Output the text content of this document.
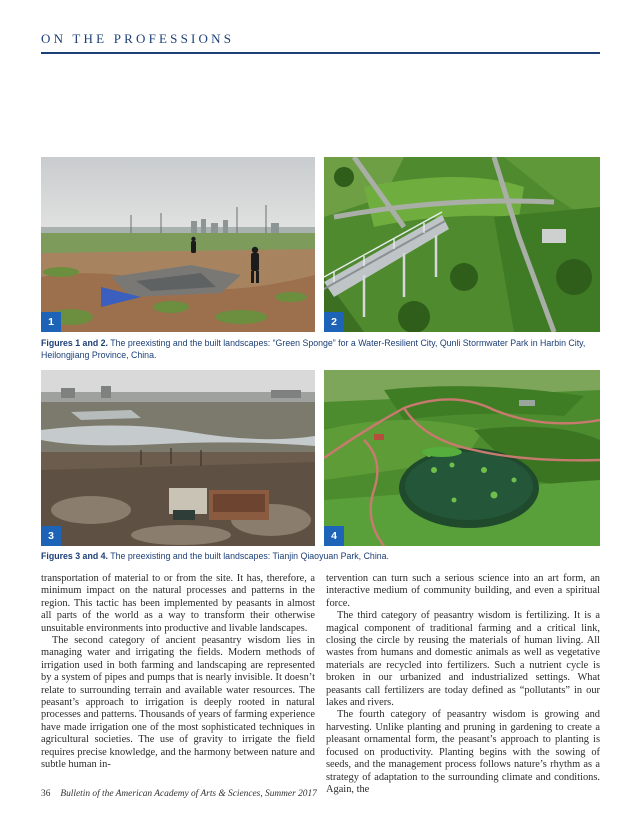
ON THE PROFESSIONS
1	2
Figures 1 and 2. The preexisting and the built landscapes: “Green Sponge” for a Water-Resilient City, Qunli Stormwater Park in Harbin City, Heilongjiang Province, China.
3	4
Figures 3 and 4. The preexisting and the built landscapes: Tianjin Qiaoyuan Park, China.

transportation of material to or from the site. It has, therefore, a minimum impact on the natural processes and patterns in the region. This tactic has been implemented by peasants in almost all parts of the world as a way to transform their otherwise unsuitable environments into productive and livable landscapes.

The second category of ancient peasantry wisdom lies in managing water and irrigating the fields. Modern methods of irrigation used in both farming and landscaping are represented by a system of pipes and pumps that is nearly invisible. It doesn’t relate to surrounding terrain and available water resources. The peasant’s approach to irrigation is deeply rooted in natural processes and patterns. Thousands of years of farming experience have made irrigation one of the most sophisticated techniques in agricultural societies. The use of gravity to irrigate the field requires precise knowledge, and the harmony between nature and subtle human in-

tervention can turn such a serious science into an art form, an interactive medium of community building, and even a spiritual force.

The third category of peasantry wisdom is fertilizing. It is a magical component of traditional farming and a critical link, closing the circle by reusing the materials of human living. All wastes from humans and domestic animals as well as vegetative materials are recycled into fertilizers. Such a nutrient cycle is broken in our urbanized and industrialized settings. What peasants call fertilizers are today defined as “pollutants” in our lakes and rivers.

The fourth category of peasantry wisdom is growing and harvesting. Unlike planting and pruning in gardening to create a pleasant ornamental form, the peasant’s approach to planting is focused on productivity. Planting begins with the sowing of seeds, and the management process follows nature’s rhythm as a strategy of adaptation to the surrounding climate and conditions. Again, the

36 Bulletin of the American Academy of Arts & Sciences, Summer 2017
